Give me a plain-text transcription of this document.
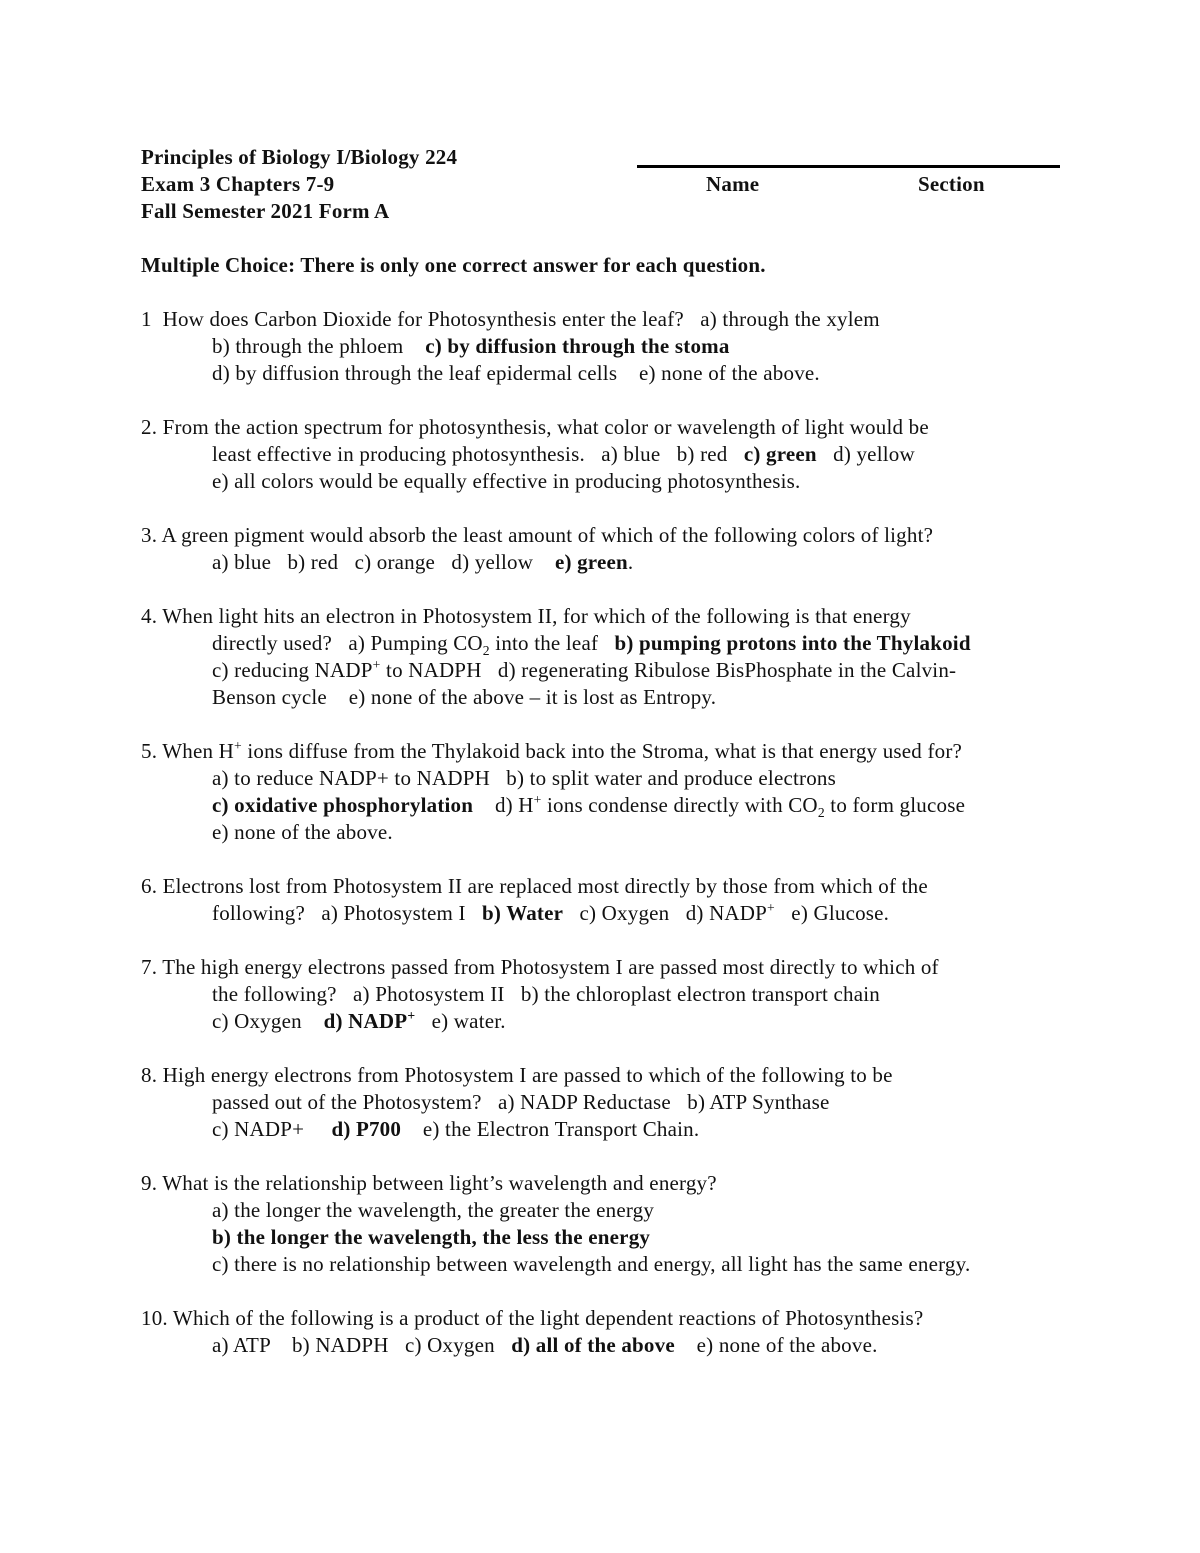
Principles of Biology I/Biology 224
Exam 3 Chapters 7-9
Fall Semester 2021 Form A
Name	Section
Multiple Choice: There is only one correct answer for each question.
1  How does Carbon Dioxide for Photosynthesis enter the leaf?   a) through the xylem
b) through the phloem    c) by diffusion through the stoma
d) by diffusion through the leaf epidermal cells    e) none of the above.
2. From the action spectrum for photosynthesis, what color or wavelength of light would be
least effective in producing photosynthesis.   a) blue   b) red   c) green   d) yellow
e) all colors would be equally effective in producing photosynthesis.
3. A green pigment would absorb the least amount of which of the following colors of light?
a) blue   b) red   c) orange   d) yellow    e) green.
4. When light hits an electron in Photosystem II, for which of the following is that energy
directly used?   a) Pumping $CO_2$ into the leaf   b) pumping protons into the Thylakoid
c) reducing NADP+ to NADPH   d) regenerating Ribulose BisPhosphate in the Calvin-
Benson cycle    e) none of the above – it is lost as Entropy.
5. When H+ ions diffuse from the Thylakoid back into the Stroma, what is that energy used for?
a) to reduce NADP+ to NADPH   b) to split water and produce electrons
c) oxidative phosphorylation    d) H+ ions condense directly with $CO_2$ to form glucose
e) none of the above.
6. Electrons lost from Photosystem II are replaced most directly by those from which of the
following?   a) Photosystem I   b) Water   c) Oxygen   d) NADP+   e) Glucose.
7. The high energy electrons passed from Photosystem I are passed most directly to which of
the following?   a) Photosystem II   b) the chloroplast electron transport chain
c) Oxygen    d) NADP+   e) water.
8. High energy electrons from Photosystem I are passed to which of the following to be
passed out of the Photosystem?   a) NADP Reductase   b) ATP Synthase
c) NADP+     d) P700    e) the Electron Transport Chain.
9. What is the relationship between light’s wavelength and energy?
a) the longer the wavelength, the greater the energy
b) the longer the wavelength, the less the energy
c) there is no relationship between wavelength and energy, all light has the same energy.
10. Which of the following is a product of the light dependent reactions of Photosynthesis?
a) ATP    b) NADPH   c) Oxygen   d) all of the above    e) none of the above.
